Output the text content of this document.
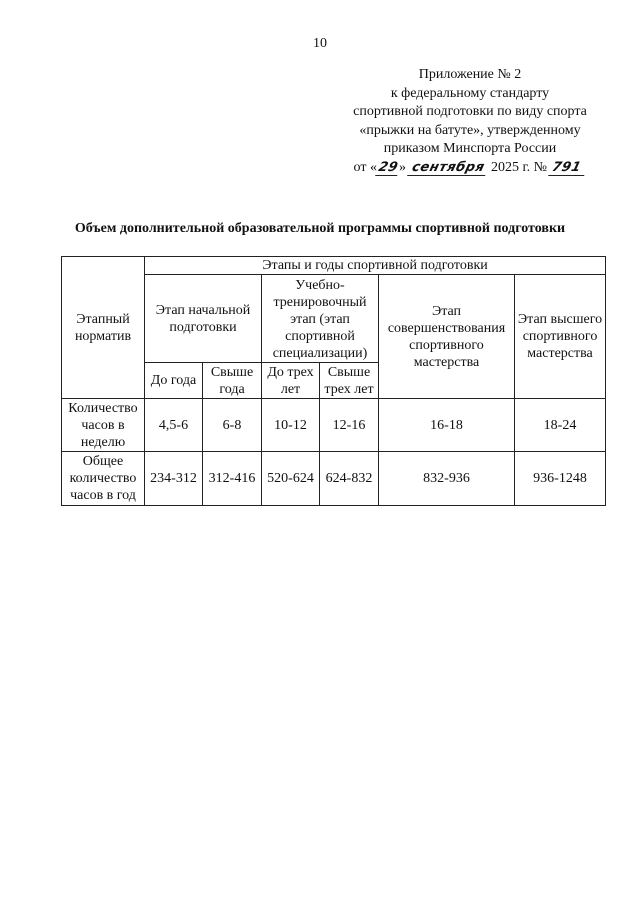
10
Приложение № 2
к федеральному стандарту
спортивной подготовки по виду спорта
«прыжки на батуте», утвержденному
приказом Минспорта России
от «29» сентября 2025 г. № 791
Объем дополнительной образовательной программы спортивной подготовки
Этапный норматив	Этапы и годы спортивной подготовки					
	Этап начальной подготовки		Учебно-тренировочный этап (этап спортивной специализации)		Этап совершенствования спортивного мастерства	Этап высшего спортивного мастерства
	До года	Свыше года	До трех лет	Свыше трех лет		
Количество часов в неделю	4,5-6	6-8	10-12	12-16	16-18	18-24
Общее количество часов в год	234-312	312-416	520-624	624-832	832-936	936-1248
